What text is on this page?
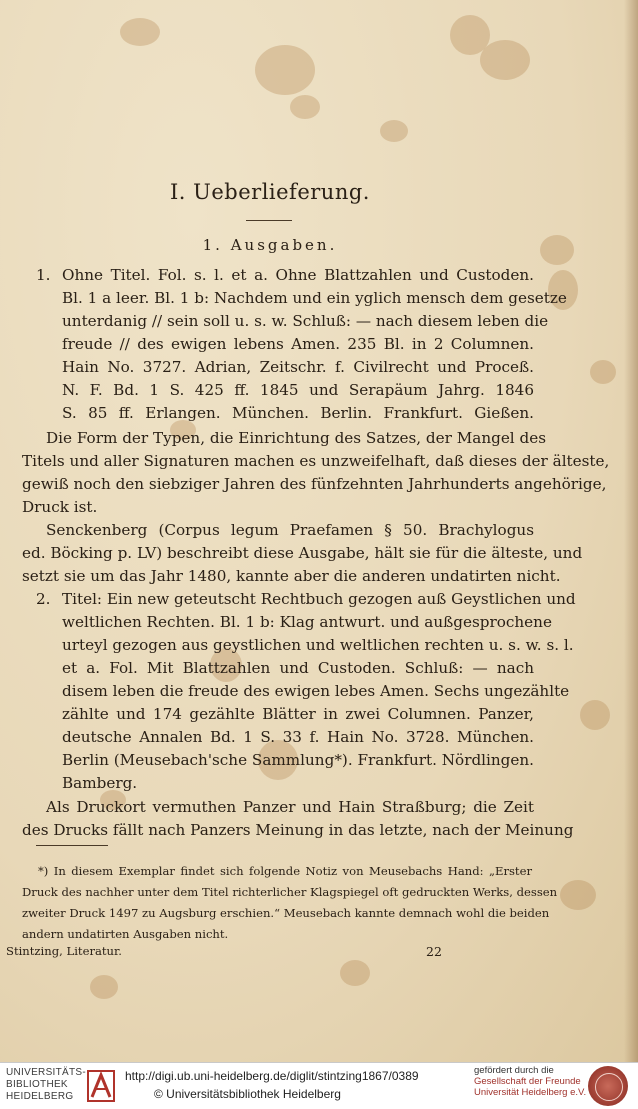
I. Ueberlieferung.
1. Ausgaben.
1. Ohne Titel. Fol. s. l. et a. Ohne Blattzahlen und Custoden.
Bl. 1 a leer. Bl. 1 b: Nachdem und ein yglich mensch dem gesetze
unterdanig // sein soll u. s. w. Schluß: — nach diesem leben die
freude // des ewigen lebens Amen. 235 Bl. in 2 Columnen.
Hain No. 3727. Adrian, Zeitschr. f. Civilrecht und Proceß.
N. F. Bd. 1 S. 425 ff. 1845 und Serapäum Jahrg. 1846
S. 85 ff. Erlangen. München. Berlin. Frankfurt. Gießen.
Die Form der Typen, die Einrichtung des Satzes, der Mangel des
Titels und aller Signaturen machen es unzweifelhaft, daß dieses der älteste,
gewiß noch den siebziger Jahren des fünfzehnten Jahrhunderts angehörige,
Druck ist.
Senckenberg (Corpus legum Praefamen § 50. Brachylogus
ed. Böcking p. LV) beschreibt diese Ausgabe, hält sie für die älteste, und
setzt sie um das Jahr 1480, kannte aber die anderen undatirten nicht.
2. Titel: Ein new geteutscht Rechtbuch gezogen auß Geystlichen und
weltlichen Rechten. Bl. 1 b: Klag antwurt. und außgesprochene
urteyl gezogen aus geystlichen und weltlichen rechten u. s. w. s. l.
et a. Fol. Mit Blattzahlen und Custoden. Schluß: — nach
disem leben die freude des ewigen lebes Amen. Sechs ungezählte
zählte und 174 gezählte Blätter in zwei Columnen. Panzer,
deutsche Annalen Bd. 1 S. 33 f. Hain No. 3728. München.
Berlin (Meusebach'sche Sammlung*). Frankfurt. Nördlingen.
Bamberg.
Als Druckort vermuthen Panzer und Hain Straßburg; die Zeit
des Drucks fällt nach Panzers Meinung in das letzte, nach der Meinung
*) In diesem Exemplar findet sich folgende Notiz von Meusebachs Hand: „Erster
Druck des nachher unter dem Titel richterlicher Klagspiegel oft gedruckten Werks, dessen
zweiter Druck 1497 zu Augsburg erschien.“ Meusebach kannte demnach wohl die beiden
andern undatirten Ausgaben nicht.
Stintzing, Literatur.	22
UNIVERSITÄTS-
BIBLIOTHEK
HEIDELBERG
http://digi.ub.uni-heidelberg.de/diglit/stintzing1867/0389
© Universitätsbibliothek Heidelberg
gefördert durch die
Gesellschaft der Freunde
Universität Heidelberg e.V.
